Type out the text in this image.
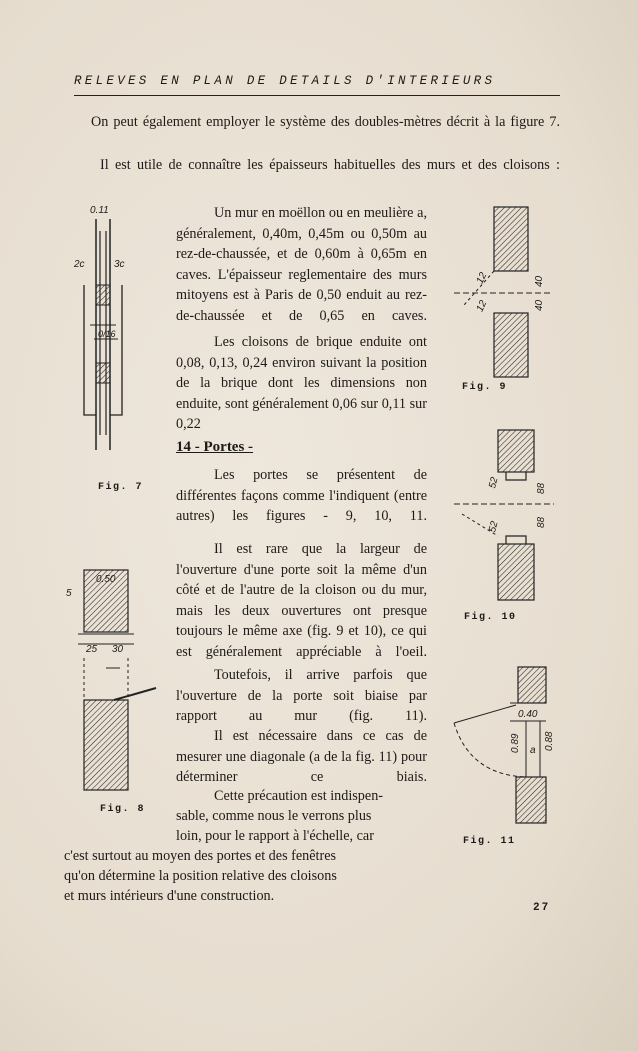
RELEVES EN PLAN DE DETAILS D'INTERIEURS

On peut également employer le système des doubles-mètres décrit à la figure 7.

Il est utile de connaître les épaisseurs habituelles des murs et des cloisons :

Un mur en moëllon ou en meulière a, généralement, 0,40m, 0,45m ou 0,50m au rez-de-chaussée, et de 0,60m à 0,65m en caves. L'épaisseur reglementaire des murs mitoyens est à Paris de 0,50 enduit au rez-de-chaussée et de 0,65 en caves.

Les cloisons de brique enduite ont 0,08, 0,13, 0,24 environ suivant la position de la brique dont les dimensions non enduite, sont généralement 0,06 sur 0,11 sur 0,22

14 - Portes -

Les portes se présentent de différentes façons comme l'indiquent (entre autres) les figures - 9, 10, 11.

Il est rare que la largeur de l'ouverture d'une porte soit la même d'un côté et de l'autre de la cloison ou du mur, mais les deux ouvertures ont presque toujours le même axe (fig. 9 et 10), ce qui est généralement appréciable à l'oeil.

Toutefois, il arrive parfois que l'ouverture de la porte soit biaise par rapport au mur (fig. 11).

Il est nécessaire dans ce cas de mesurer une diagonale (a de la fig. 11) pour déterminer ce biais.

Cette précaution est indispen-
sable, comme nous le verrons plus
loin, pour le rapport à l'échelle, car
c'est surtout au moyen des portes et des fenêtres
qu'on détermine la position relative des cloisons
et murs intérieurs d'une construction.
0.11
2c	3c
0/16
Fig. 7
0.50
5
25 30
Fig. 8
12
12
40
40
Fig. 9
52
52
88
88
Fig. 10
0.40
0.89 a 0.88
Fig. 11
27
